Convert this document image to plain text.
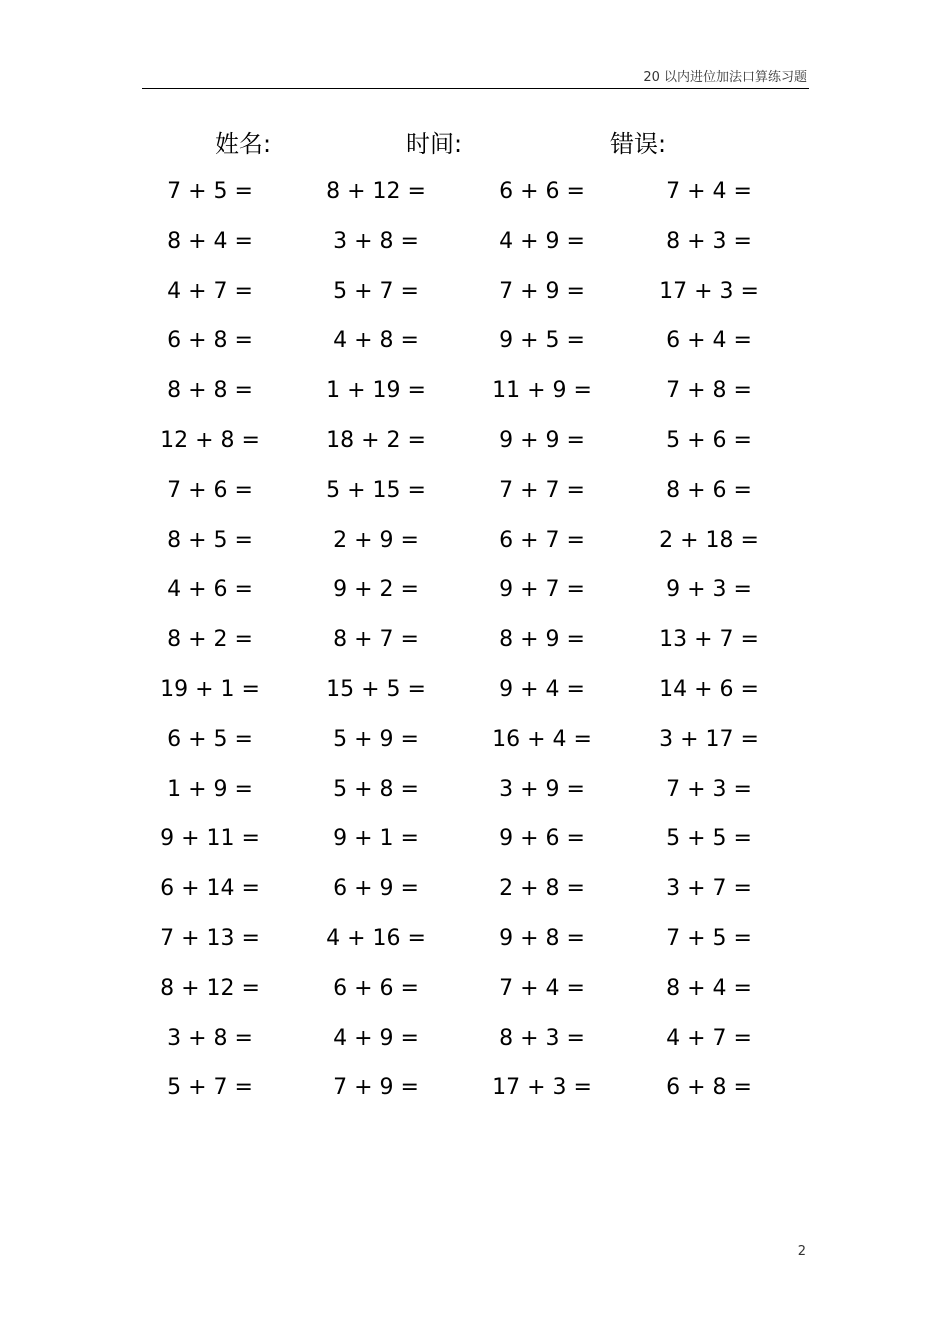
20 以内进位加法口算练习题
姓名:	时间:	错误:
7 + 5 =	8 + 12 =	6 + 6 =	7 + 4 =
8 + 4 =	3 + 8 =	4 + 9 =	8 + 3 =
4 + 7 =	5 + 7 =	7 + 9 =	17 + 3 =
6 + 8 =	4 + 8 =	9 + 5 =	6 + 4 =
8 + 8 =	1 + 19 =	11 + 9 =	7 + 8 =
12 + 8 =	18 + 2 =	9 + 9 =	5 + 6 =
7 + 6 =	5 + 15 =	7 + 7 =	8 + 6 =
8 + 5 =	2 + 9 =	6 + 7 =	2 + 18 =
4 + 6 =	9 + 2 =	9 + 7 =	9 + 3 =
8 + 2 =	8 + 7 =	8 + 9 =	13 + 7 =
19 + 1 =	15 + 5 =	9 + 4 =	14 + 6 =
6 + 5 =	5 + 9 =	16 + 4 =	3 + 17 =
1 + 9 =	5 + 8 =	3 + 9 =	7 + 3 =
9 + 11 =	9 + 1 =	9 + 6 =	5 + 5 =
6 + 14 =	6 + 9 =	2 + 8 =	3 + 7 =
7 + 13 =	4 + 16 =	9 + 8 =	7 + 5 =
8 + 12 =	6 + 6 =	7 + 4 =	8 + 4 =
3 + 8 =	4 + 9 =	8 + 3 =	4 + 7 =
5 + 7 =	7 + 9 =	17 + 3 =	6 + 8 =
2
